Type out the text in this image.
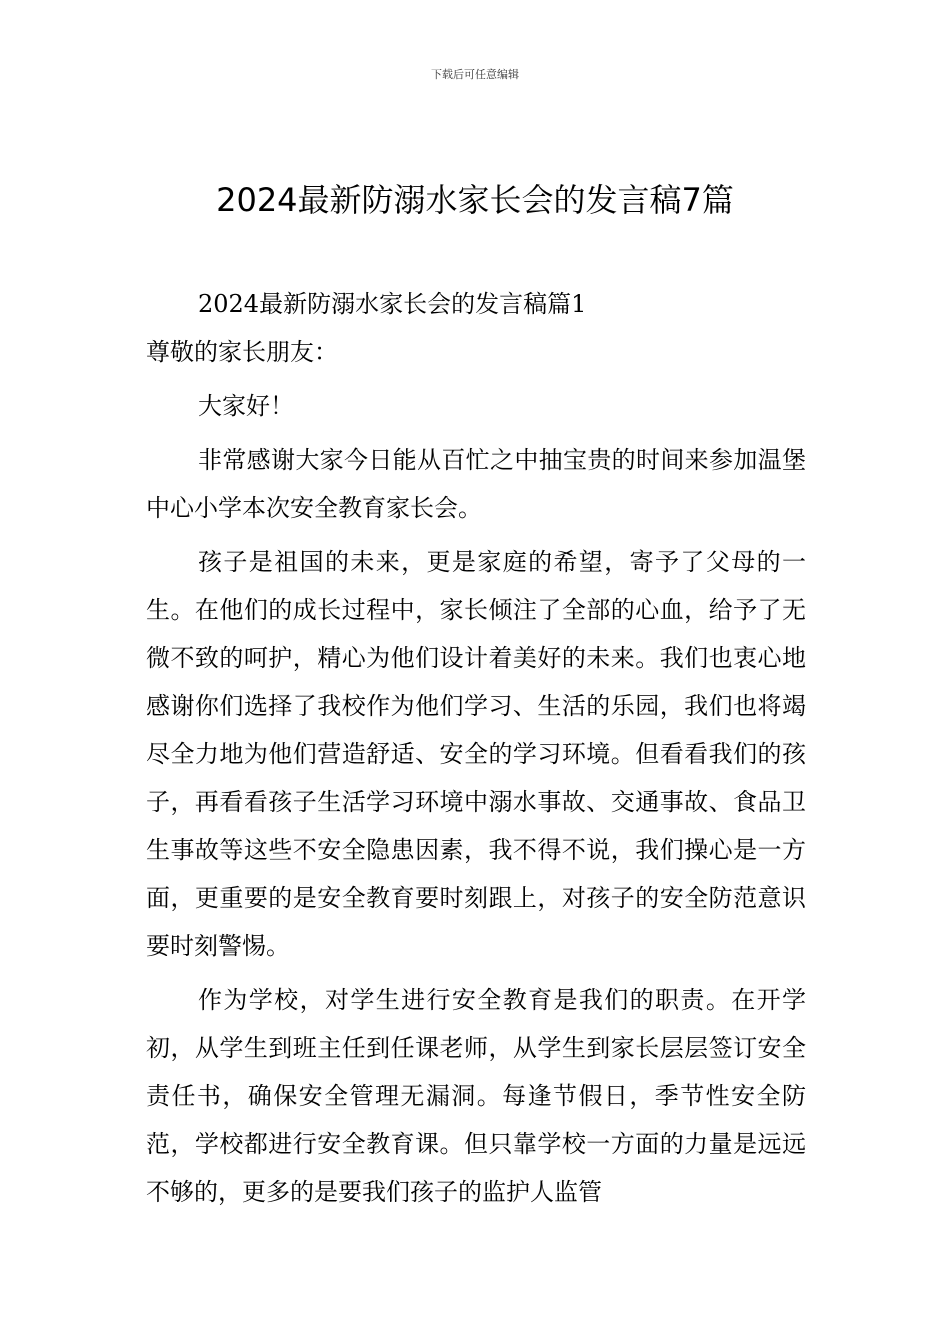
下载后可任意编辑
2024最新防溺水家长会的发言稿7篇
2024最新防溺水家长会的发言稿篇1
尊敬的家长朋友：
大家好！

非常感谢大家今日能从百忙之中抽宝贵的时间来参加温堡中心小学本次安全教育家长会。

孩子是祖国的未来，更是家庭的希望，寄予了父母的一生。在他们的成长过程中，家长倾注了全部的心血，给予了无微不致的呵护，精心为他们设计着美好的未来。我们也衷心地感谢你们选择了我校作为他们学习、生活的乐园，我们也将竭尽全力地为他们营造舒适、安全的学习环境。但看看我们的孩子，再看看孩子生活学习环境中溺水事故、交通事故、食品卫生事故等这些不安全隐患因素，我不得不说，我们操心是一方面，更重要的是安全教育要时刻跟上，对孩子的安全防范意识要时刻警惕。

作为学校，对学生进行安全教育是我们的职责。在开学初，从学生到班主任到任课老师，从学生到家长层层签订安全责任书，确保安全管理无漏洞。每逢节假日，季节性安全防范，学校都进行安全教育课。但只靠学校一方面的力量是远远不够的，更多的是要我们孩子的监护人监管
